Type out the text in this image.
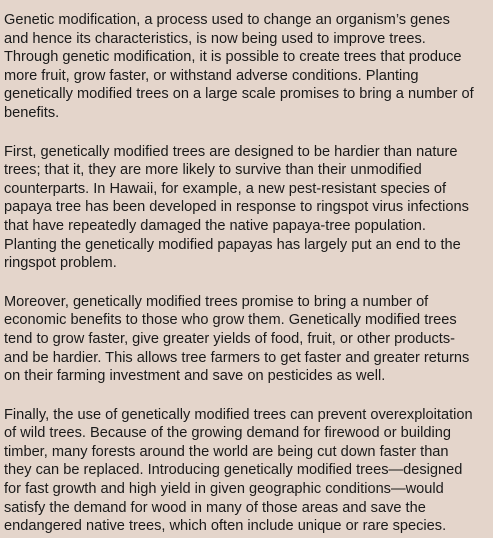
Genetic modification, a process used to change an organism’s genes
and hence its characteristics, is now being used to improve trees.
Through genetic modification, it is possible to create trees that produce
more fruit, grow faster, or withstand adverse conditions. Planting
genetically modified trees on a large scale promises to bring a number of
benefits.

First, genetically modified trees are designed to be hardier than nature
trees; that it, they are more likely to survive than their unmodified
counterparts. In Hawaii, for example, a new pest-resistant species of
papaya tree has been developed in response to ringspot virus infections
that have repeatedly damaged the native papaya-tree population.
Planting the genetically modified papayas has largely put an end to the
ringspot problem.

Moreover, genetically modified trees promise to bring a number of
economic benefits to those who grow them. Genetically modified trees
tend to grow faster, give greater yields of food, fruit, or other products-
and be hardier. This allows tree farmers to get faster and greater returns
on their farming investment and save on pesticides as well.

Finally, the use of genetically modified trees can prevent overexploitation
of wild trees. Because of the growing demand for firewood or building
timber, many forests around the world are being cut down faster than
they can be replaced. Introducing genetically modified trees—designed
for fast growth and high yield in given geographic conditions—would
satisfy the demand for wood in many of those areas and save the
endangered native trees, which often include unique or rare species.
